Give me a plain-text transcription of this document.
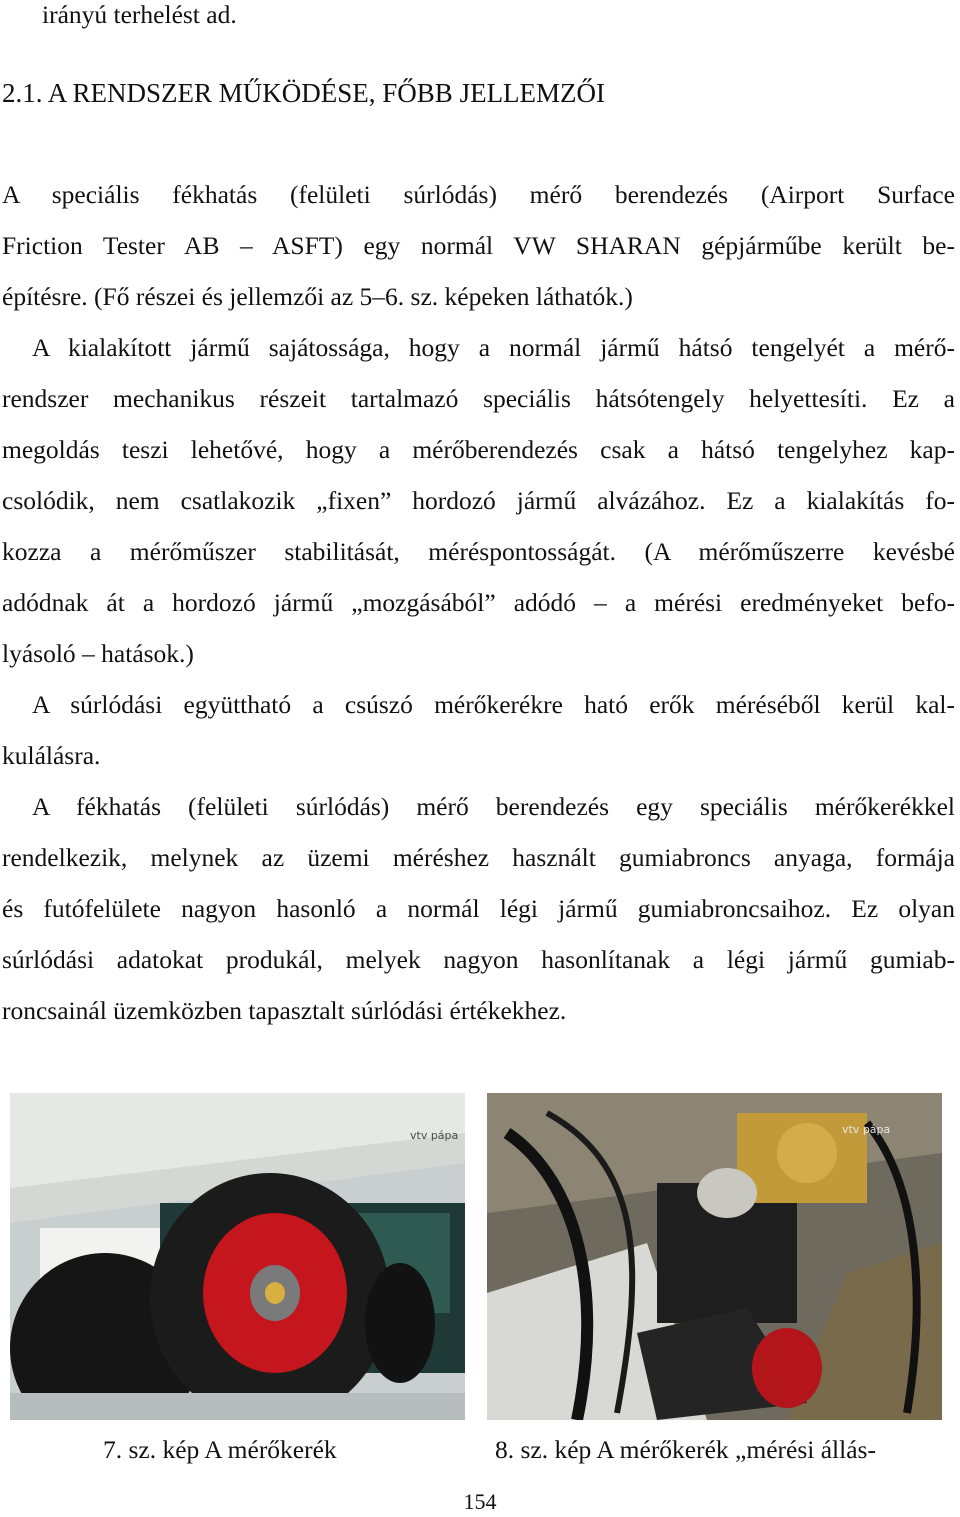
irányú terhelést ad.
2.1. A RENDSZER MŰKÖDÉSE, FŐBB JELLEMZŐI
A speciális fékhatás (felületi súrlódás) mérő berendezés (Airport Surface
Friction Tester AB – ASFT) egy normál VW SHARAN gépjárműbe került be-
építésre. (Fő részei és jellemzői az 5–6. sz. képeken láthatók.)
A kialakított jármű sajátossága, hogy a normál jármű hátsó tengelyét a mérő-
rendszer mechanikus részeit tartalmazó speciális hátsótengely helyettesíti. Ez a
megoldás teszi lehetővé, hogy a mérőberendezés csak a hátsó tengelyhez kap-
csolódik, nem csatlakozik „fixen” hordozó jármű alvázához. Ez a kialakítás fo-
kozza a mérőműszer stabilitását, méréspontosságát. (A mérőműszerre kevésbé
adódnak át a hordozó jármű „mozgásából” adódó – a mérési eredményeket befo-
lyásoló – hatások.)
A súrlódási együttható a csúszó mérőkerékre ható erők méréséből kerül kal-
kulálásra.
A fékhatás (felületi súrlódás) mérő berendezés egy speciális mérőkerékkel
rendelkezik, melynek az üzemi méréshez használt gumiabroncs anyaga, formája
és futófelülete nagyon hasonló a normál légi jármű gumiabroncsaihoz. Ez olyan
súrlódási adatokat produkál, melyek nagyon hasonlítanak a légi jármű gumiab-
roncsainál üzemközben tapasztalt súrlódási értékekhez.
vtv pápa	vtv pápa
7. sz. kép A mérőkerék	8. sz. kép A mérőkerék „mérési állás-
154
